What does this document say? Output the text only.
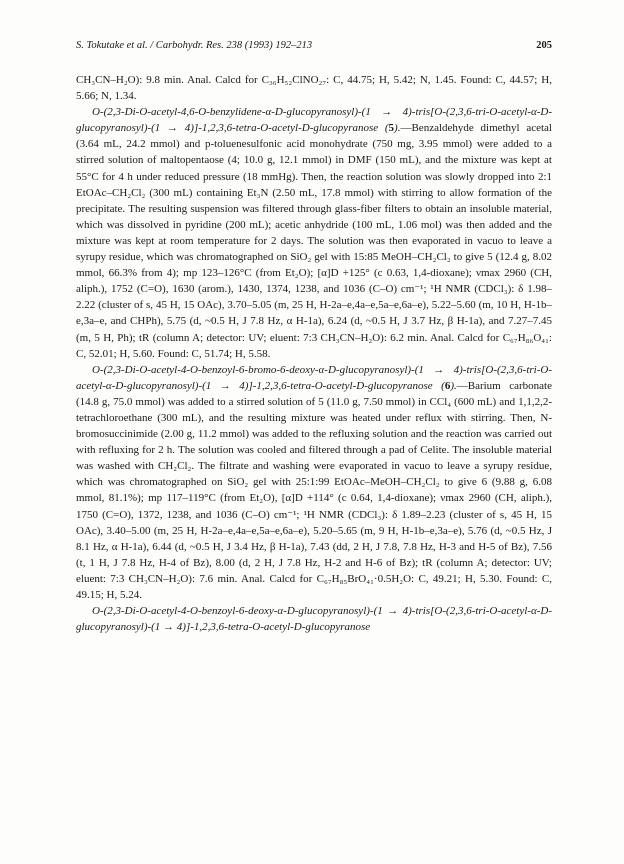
S. Tokutake et al. / Carbohydr. Res. 238 (1993) 192–213	205

CH₃CN–H₂O): 9.8 min. Anal. Calcd for C₃₆H₅₂ClNO₂₇: C, 44.75; H, 5.42; N, 1.45. Found: C, 44.57; H, 5.66; N, 1.34.

O-(2,3-Di-O-acetyl-4,6-O-benzylidene-α-D-glucopyranosyl)-(1 → 4)-tris[O-(2,3,6-tri-O-acetyl-α-D-glucopyranosyl)-(1 → 4)]-1,2,3,6-tetra-O-acetyl-D-glucopyranose (5).—Benzaldehyde dimethyl acetal (3.64 mL, 24.2 mmol) and p-toluenesulfonic acid monohydrate (750 mg, 3.95 mmol) were added to a stirred solution of maltopentaose (4; 10.0 g, 12.1 mmol) in DMF (150 mL), and the mixture was kept at 55°C for 4 h under reduced pressure (18 mmHg). Then, the reaction solution was slowly dropped into 2:1 EtOAc–CH₂Cl₂ (300 mL) containing Et₃N (2.50 mL, 17.8 mmol) with stirring to allow formation of the precipitate. The resulting suspension was filtered through glass-fiber filters to obtain an insoluble material, which was dissolved in pyridine (200 mL); acetic anhydride (100 mL, 1.06 mol) was then added and the mixture was kept at room temperature for 2 days. The solution was then evaporated in vacuo to leave a syrupy residue, which was chromatographed on SiO₂ gel with 15:85 MeOH–CH₂Cl₂ to give 5 (12.4 g, 8.02 mmol, 66.3% from 4); mp 123–126°C (from Et₂O); [α]D +125° (c 0.63, 1,4-dioxane); νmax 2960 (CH, aliph.), 1752 (C=O), 1630 (arom.), 1430, 1374, 1238, and 1036 (C–O) cm⁻¹; ¹H NMR (CDCl₃): δ 1.98–2.22 (cluster of s, 45 H, 15 OAc), 3.70–5.05 (m, 25 H, H-2a–e,4a–e,5a–e,6a–e), 5.22–5.60 (m, 10 H, H-1b–e,3a–e, and CHPh), 5.75 (d, ~0.5 H, J 7.8 Hz, α H-1a), 6.24 (d, ~0.5 H, J 3.7 Hz, β H-1a), and 7.27–7.45 (m, 5 H, Ph); tR (column A; detector: UV; eluent: 7:3 CH₃CN–H₂O): 6.2 min. Anal. Calcd for C₆₇H₈₆O₄₁: C, 52.01; H, 5.60. Found: C, 51.74; H, 5.58.

O-(2,3-Di-O-acetyl-4-O-benzoyl-6-bromo-6-deoxy-α-D-glucopyranosyl)-(1 → 4)-tris[O-(2,3,6-tri-O-acetyl-α-D-glucopyranosyl)-(1 → 4)]-1,2,3,6-tetra-O-acetyl-D-glucopyranose (6).—Barium carbonate (14.8 g, 75.0 mmol) was added to a stirred solution of 5 (11.0 g, 7.50 mmol) in CCl₄ (600 mL) and 1,1,2,2-tetrachloroethane (300 mL), and the resulting mixture was heated under reflux with stirring. Then, N-bromosuccinimide (2.00 g, 11.2 mmol) was added to the refluxing solution and the reaction was carried out with refluxing for 2 h. The solution was cooled and filtered through a pad of Celite. The insoluble material was washed with CH₂Cl₂. The filtrate and washing were evaporated in vacuo to leave a syrupy residue, which was chromatographed on SiO₂ gel with 25:1:99 EtOAc–MeOH–CH₂Cl₂ to give 6 (9.88 g, 6.08 mmol, 81.1%); mp 117–119°C (from Et₂O), [α]D +114° (c 0.64, 1,4-dioxane); νmax 2960 (CH, aliph.), 1750 (C=O), 1372, 1238, and 1036 (C–O) cm⁻¹; ¹H NMR (CDCl₃): δ 1.89–2.23 (cluster of s, 45 H, 15 OAc), 3.40–5.00 (m, 25 H, H-2a–e,4a–e,5a–e,6a–e), 5.20–5.65 (m, 9 H, H-1b–e,3a–e), 5.76 (d, ~0.5 Hz, J 8.1 Hz, α H-1a), 6.44 (d, ~0.5 H, J 3.4 Hz, β H-1a), 7.43 (dd, 2 H, J 7.8, 7.8 Hz, H-3 and H-5 of Bz), 7.56 (t, 1 H, J 7.8 Hz, H-4 of Bz), 8.00 (d, 2 H, J 7.8 Hz, H-2 and H-6 of Bz); tR (column A; detector: UV; eluent: 7:3 CH₃CN–H₂O): 7.6 min. Anal. Calcd for C₆₇H₈₅BrO₄₁·0.5H₂O: C, 49.21; H, 5.30. Found: C, 49.15; H, 5.24.

O-(2,3-Di-O-acetyl-4-O-benzoyl-6-deoxy-α-D-glucopyranosyl)-(1 → 4)-tris[O-(2,3,6-tri-O-acetyl-α-D-glucopyranosyl)-(1 → 4)]-1,2,3,6-tetra-O-acetyl-D-glucopyranose
